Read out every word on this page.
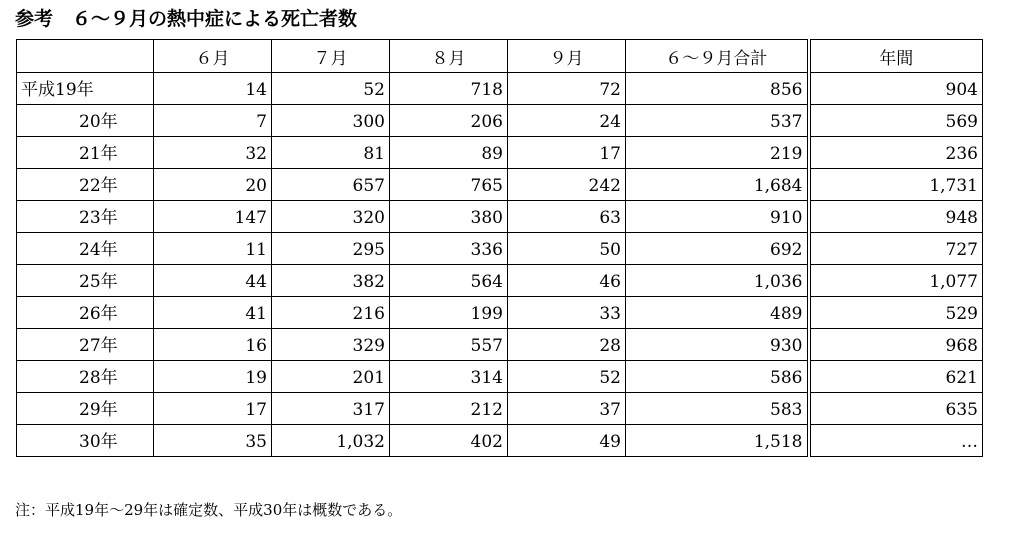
参考　６～９月の熱中症による死亡者数
	６月	７月	８月	９月	６～９月合計	年間
平成19年	14	52	718	72	856	904
20年	7	300	206	24	537	569
21年	32	81	89	17	219	236
22年	20	657	765	242	1,684	1,731
23年	147	320	380	63	910	948
24年	11	295	336	50	692	727
25年	44	382	564	46	1,036	1,077
26年	41	216	199	33	489	529
27年	16	329	557	28	930	968
28年	19	201	314	52	586	621
29年	17	317	212	37	583	635
30年	35	1,032	402	49	1,518	…
注：平成19年～29年は確定数、平成30年は概数である。
